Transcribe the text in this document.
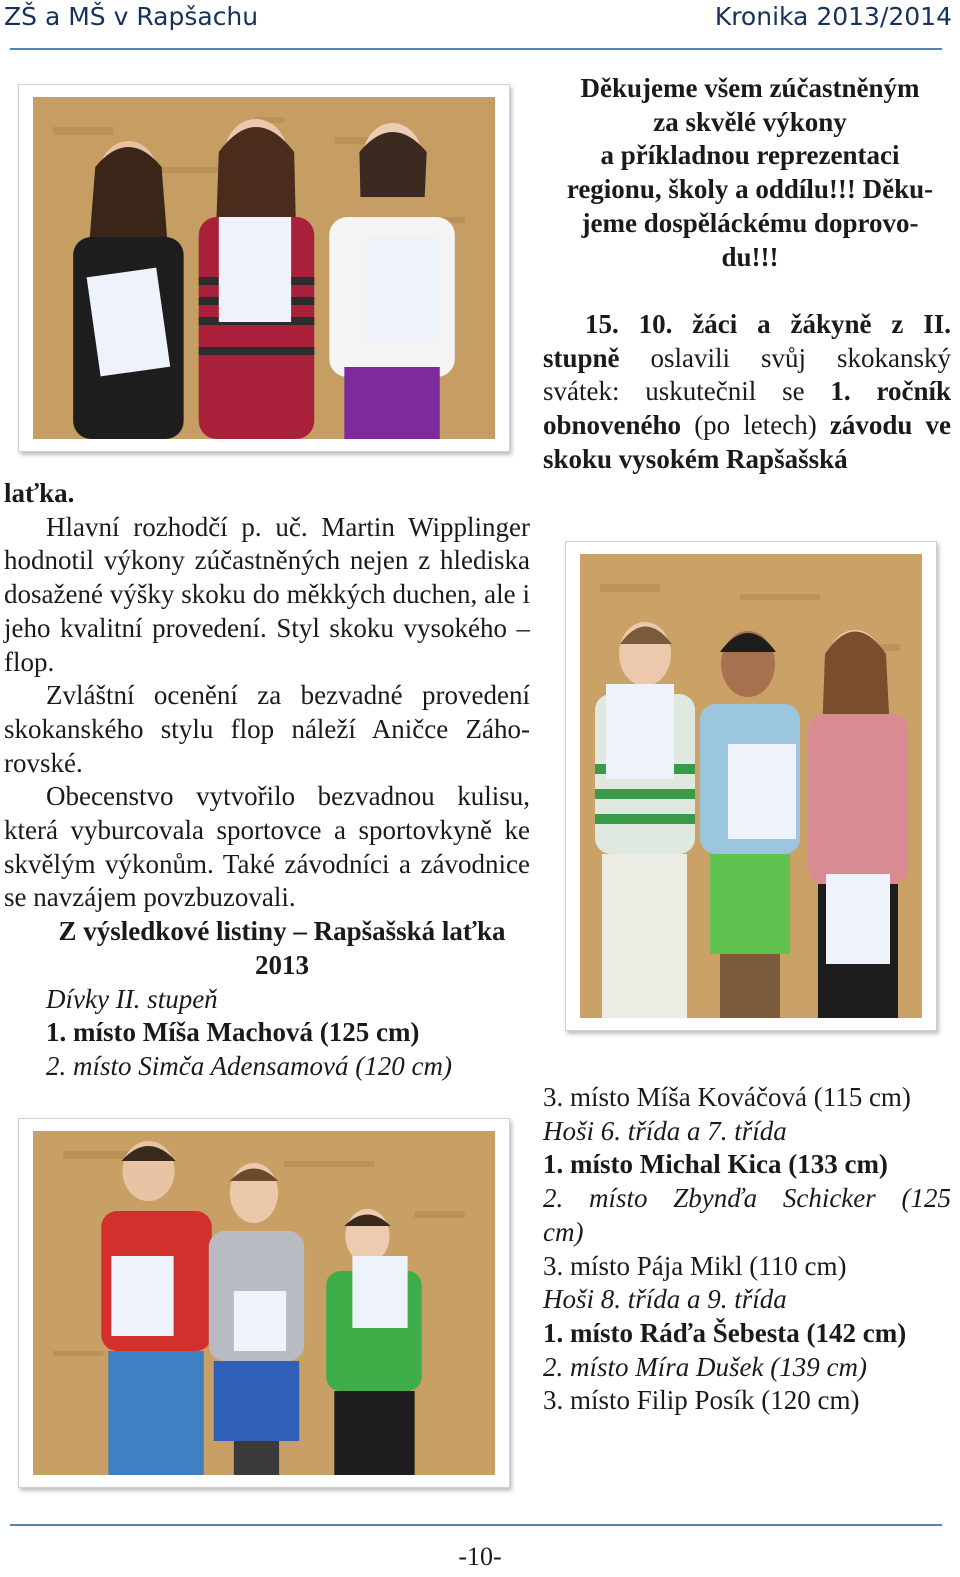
ZŠ a MŠ v Rapšachu	Kronika 2013/2014

Děkujeme všem zúčastněným

za skvělé výkony

a příkladnou reprezentaci

regionu, školy a oddílu!!! Děku-

jeme dospěláckému doprovo-

du!!!

15. 10. žáci a žákyně z II. stupně oslavili svůj skokanský svátek: uskutečnil se 1. ročník obnoveného (po letech) závodu ve skoku vysokém Rapšašská

laťka.

Hlavní rozhodčí p. uč. Martin Wipplinger hodnotil výkony zúčastněných nejen z hlediska dosažené výšky skoku do měkkých duchen, ale i jeho kvalitní provedení. Styl skoku vysokého – flop.

Zvláštní ocenění za bezvadné provedení skokanského stylu flop náleží Aničce Záhorovské.

Obecenstvo vytvořilo bezvadnou kulisu, která vyburcovala sportovce a sportovkyně ke skvělým výkonům. Také závodníci a závodnice se navzájem povzbuzovali.

Z výsledkové listiny – Rapšašská laťka 2013

Dívky II. stupeň

1. místo Míša Machová (125 cm)

2. místo Simča Adensamová (120 cm)

3. místo Míša Kováčová (115 cm)

Hoši 6. třída a 7. třída

1. místo Michal Kica (133 cm)

2. místo Zbynďa Schicker (125 cm)

3. místo Pája Mikl (110 cm)

Hoši 8. třída a 9. třída

1. místo Ráďa Šebesta (142 cm)

2. místo Míra Dušek (139 cm)

3. místo Filip Posík (120 cm)

-10-
